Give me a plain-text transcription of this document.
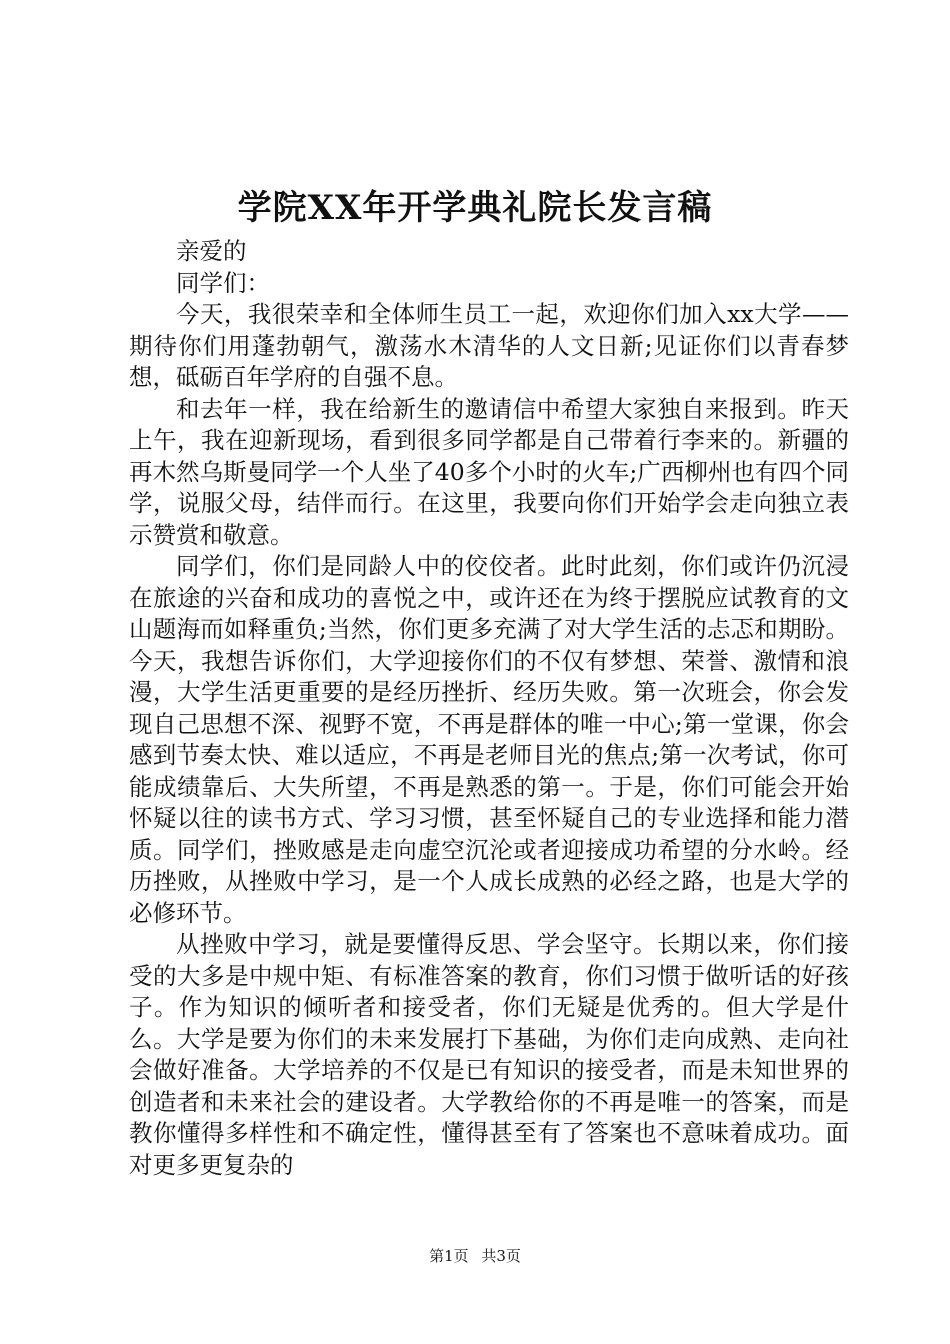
学院XX年开学典礼院长发言稿

亲爱的

同学们：

今天，我很荣幸和全体师生员工一起，欢迎你们加入xx大学——期待你们用蓬勃朝气，激荡水木清华的人文日新;见证你们以青春梦想，砥砺百年学府的自强不息。

和去年一样，我在给新生的邀请信中希望大家独自来报到。昨天上午，我在迎新现场，看到很多同学都是自己带着行李来的。新疆的再木然乌斯曼同学一个人坐了40多个小时的火车;广西柳州也有四个同学，说服父母，结伴而行。在这里，我要向你们开始学会走向独立表示赞赏和敬意。

同学们，你们是同龄人中的佼佼者。此时此刻，你们或许仍沉浸在旅途的兴奋和成功的喜悦之中，或许还在为终于摆脱应试教育的文山题海而如释重负;当然，你们更多充满了对大学生活的忐忑和期盼。今天，我想告诉你们，大学迎接你们的不仅有梦想、荣誉、激情和浪漫，大学生活更重要的是经历挫折、经历失败。第一次班会，你会发现自己思想不深、视野不宽，不再是群体的唯一中心;第一堂课，你会感到节奏太快、难以适应，不再是老师目光的焦点;第一次考试，你可能成绩靠后、大失所望，不再是熟悉的第一。于是，你们可能会开始怀疑以往的读书方式、学习习惯，甚至怀疑自己的专业选择和能力潜质。同学们，挫败感是走向虚空沉沦或者迎接成功希望的分水岭。经历挫败，从挫败中学习，是一个人成长成熟的必经之路，也是大学的必修环节。

从挫败中学习，就是要懂得反思、学会坚守。长期以来，你们接受的大多是中规中矩、有标准答案的教育，你们习惯于做听话的好孩子。作为知识的倾听者和接受者，你们无疑是优秀的。但大学是什么。大学是要为你们的未来发展打下基础，为你们走向成熟、走向社会做好准备。大学培养的不仅是已有知识的接受者，而是未知世界的创造者和未来社会的建设者。大学教给你的不再是唯一的答案，而是教你懂得多样性和不确定性，懂得甚至有了答案也不意味着成功。面对更多更复杂的

第1页 共3页
